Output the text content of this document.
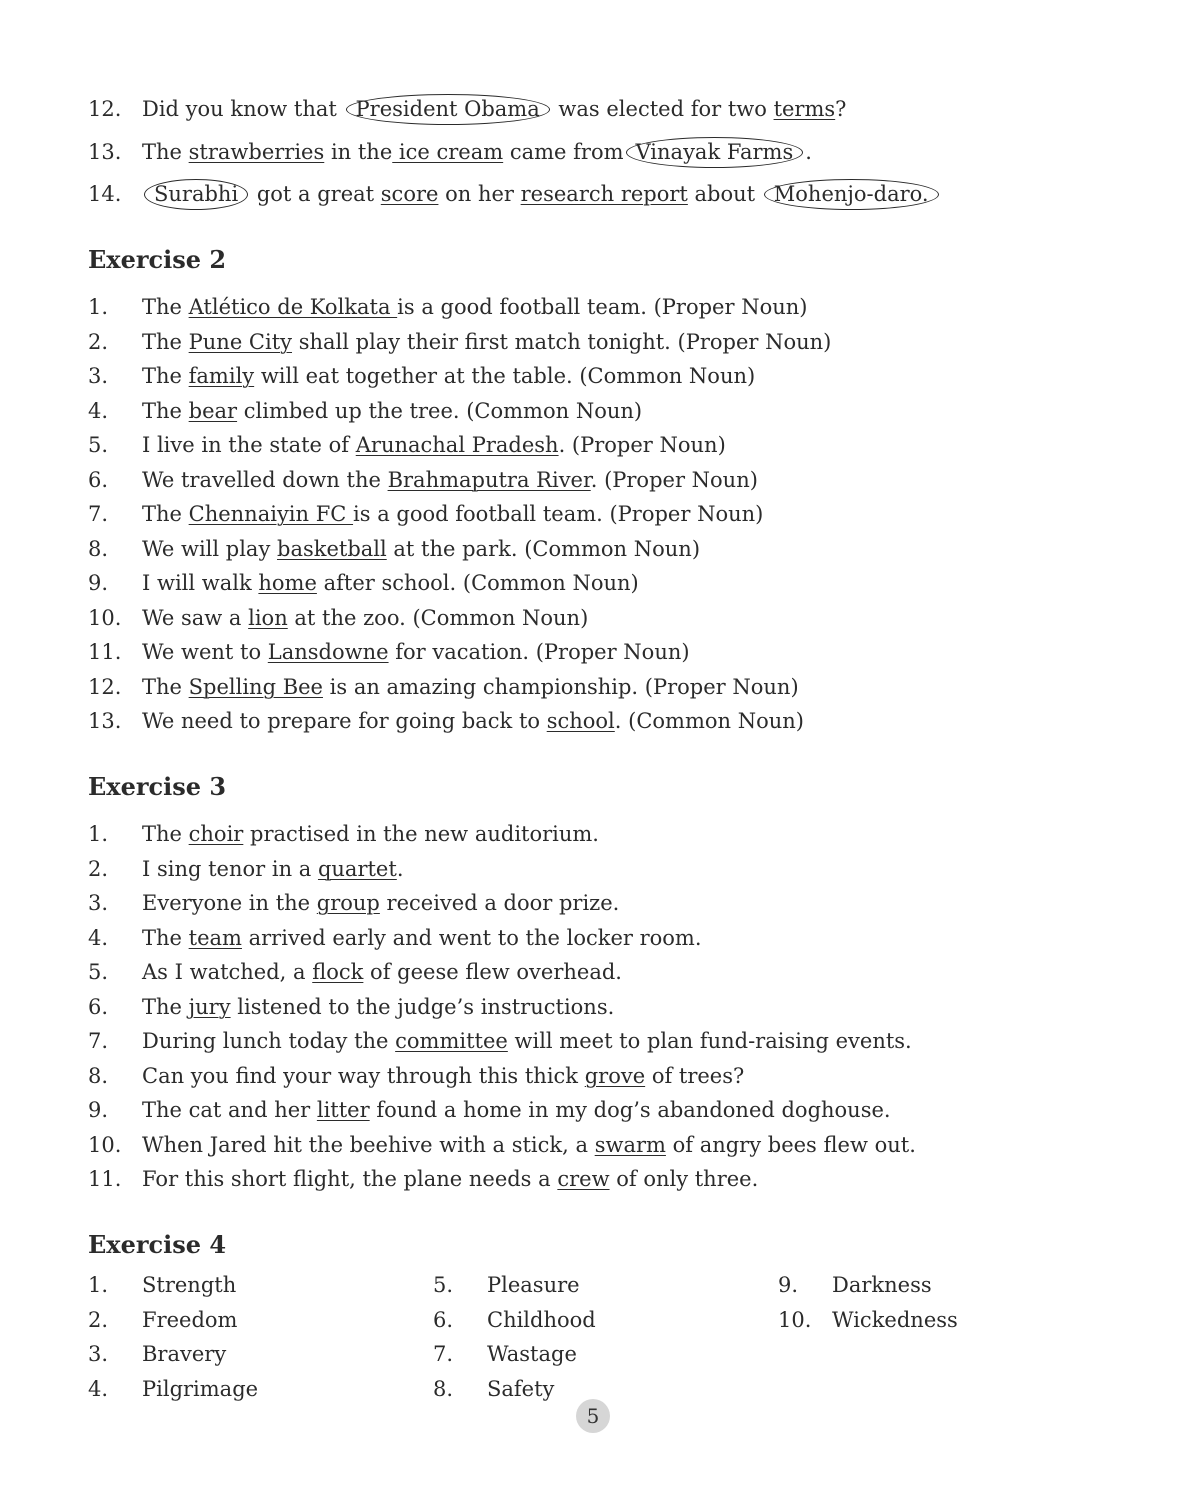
12. Did you know that President Obama was elected for two terms?
13. The strawberries in the ice cream came from Vinayak Farms .
14.	Surabhi got a great score on her research report about Mohenjo-daro.
Exercise 2
1.	The Atlético de Kolkata is a good football team. (Proper Noun)
2.	The Pune City shall play their first match tonight. (Proper Noun)
3.	The family will eat together at the table. (Common Noun)
4.	The bear climbed up the tree. (Common Noun)
5.	I live in the state of Arunachal Pradesh. (Proper Noun)
6.	We travelled down the Brahmaputra River. (Proper Noun)
7.	The Chennaiyin FC is a good football team. (Proper Noun)
8.	We will play basketball at the park. (Common Noun)
9.	I will walk home after school. (Common Noun)
10. We saw a lion at the zoo. (Common Noun)
11. We went to Lansdowne for vacation. (Proper Noun)
12. The Spelling Bee is an amazing championship. (Proper Noun)
13. We need to prepare for going back to school. (Common Noun)
Exercise 3
1.	The choir practised in the new auditorium.
2.	I sing tenor in a quartet.
3.	Everyone in the group received a door prize.
4.	The team arrived early and went to the locker room.
5.	As I watched, a flock of geese flew overhead.
6.	The jury listened to the judge’s instructions.
7.	During lunch today the committee will meet to plan fund-raising events.
8.	Can you find your way through this thick grove of trees?
9.	The cat and her litter found a home in my dog’s abandoned doghouse.
10. When Jared hit the beehive with a stick, a swarm of angry bees flew out.
11. For this short flight, the plane needs a crew of only three.
Exercise 4
1.	Strength
2.	Freedom
3.	Bravery
4.	Pilgrimage
5.	Pleasure
6.	Childhood
7.	Wastage
8.	Safety
9.	Darkness
10. Wickedness
5
